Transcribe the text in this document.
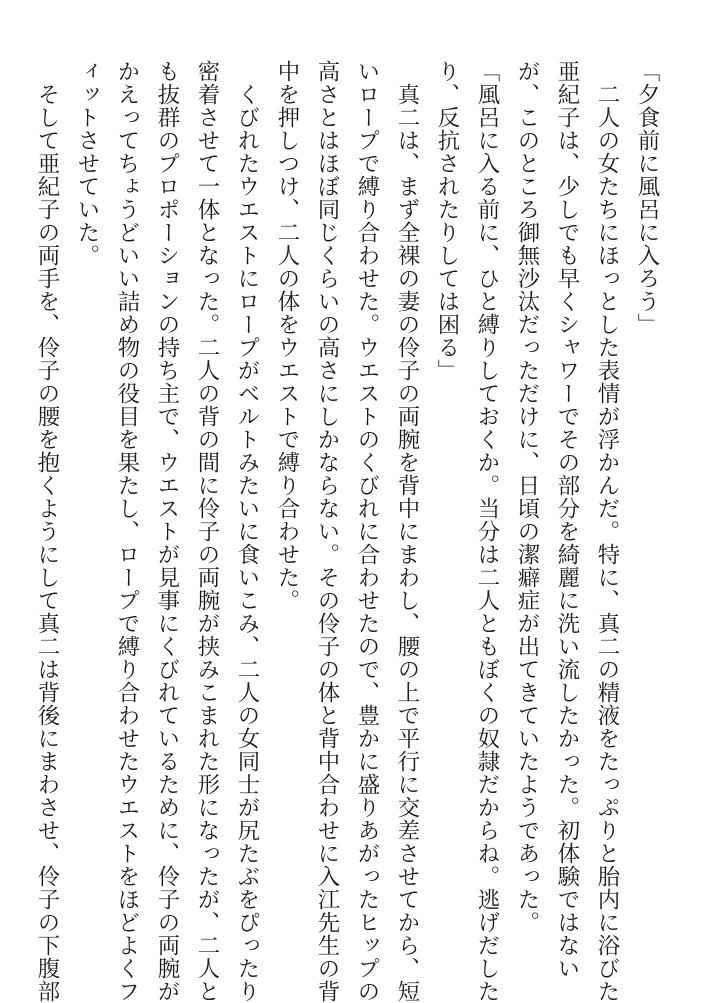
「夕食前に風呂に入ろう」
　二人の女たちにほっとした表情が浮かんだ。特に、真二の精液をたっぷりと胎内に浴びた
亜紀子は、少しでも早くシャワーでその部分を綺麗に洗い流したかった。初体験ではない
が、このところ御無沙汰だっただけに、日頃の潔癖症が出てきていたようであった。
「風呂に入る前に、ひと縛りしておくか。当分は二人ともぼくの奴隷だからね。逃げだした
り、反抗されたりしては困る」
　真二は、まず全裸の妻の伶子の両腕を背中にまわし、腰の上で平行に交差させてから、短
いロープで縛り合わせた。ウエストのくびれに合わせたので、豊かに盛りあがったヒップの
高さとはほぼ同じくらいの高さにしかならない。その伶子の体と背中合わせに入江先生の背
中を押しつけ、二人の体をウエストで縛り合わせた。
　くびれたウエストにロープがベルトみたいに食いこみ、二人の女同士が尻たぶをぴったり
密着させて一体となった。二人の背の間に伶子の両腕が挟みこまれた形になったが、二人と
も抜群のプロポーションの持ち主で、ウエストが見事にくびれているために、伶子の両腕が
かえってちょうどいい詰め物の役目を果たし、ロープで縛り合わせたウエストをほどよくフ
ィットさせていた。
　そして亜紀子の両手を、伶子の腰を抱くようにして真二は背後にまわさせ、伶子の下腹部
